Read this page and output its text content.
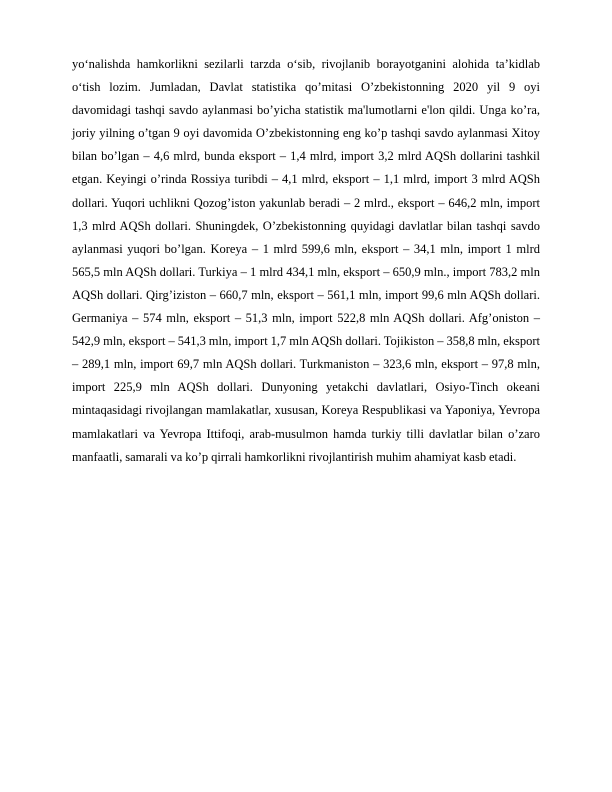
yo‘nalishda hamkorlikni sezilarli tarzda o‘sib, rivojlanib borayotganini alohida ta’kidlab o‘tish lozim. Jumladan, Davlat statistika qo’mitasi O’zbekistonning 2020 yil 9 oyi davomidagi tashqi savdo aylanmasi bo’yicha statistik ma'lumotlarni e'lon qildi. Unga ko’ra, joriy yilning o’tgan 9 oyi davomida O’zbekistonning eng ko’p tashqi savdo aylanmasi Xitoy bilan bo’lgan – 4,6 mlrd, bunda eksport – 1,4 mlrd, import 3,2 mlrd AQSh dollarini tashkil etgan. Keyingi o’rinda Rossiya turibdi – 4,1 mlrd, eksport – 1,1 mlrd, import 3 mlrd AQSh dollari. Yuqori uchlikni Qozog’iston yakunlab beradi – 2 mlrd., eksport – 646,2 mln, import 1,3 mlrd AQSh dollari. Shuningdek, O’zbekistonning quyidagi davlatlar bilan tashqi savdo aylanmasi yuqori bo’lgan. Koreya – 1 mlrd 599,6 mln, eksport – 34,1 mln, import 1 mlrd 565,5 mln AQSh dollari. Turkiya – 1 mlrd 434,1 mln, eksport – 650,9 mln., import 783,2 mln AQSh dollari. Qirg’iziston – 660,7 mln, eksport – 561,1 mln, import 99,6 mln AQSh dollari. Germaniya – 574 mln, eksport – 51,3 mln, import 522,8 mln AQSh dollari. Afg’oniston – 542,9 mln, eksport – 541,3 mln, import 1,7 mln AQSh dollari. Tojikiston – 358,8 mln, eksport – 289,1 mln, import 69,7 mln AQSh dollari. Turkmaniston – 323,6 mln, eksport – 97,8 mln, import 225,9 mln AQSh dollari. Dunyoning yetakchi davlatlari, Osiyo-Tinch okeani mintaqasidagi rivojlangan mamlakatlar, xususan, Koreya Respublikasi va Yaponiya, Yevropa mamlakatlari va Yevropa Ittifoqi, arab-musulmon hamda turkiy tilli davlatlar bilan o’zaro manfaatli, samarali va ko’p qirrali hamkorlikni rivojlantirish muhim ahamiyat kasb etadi.
